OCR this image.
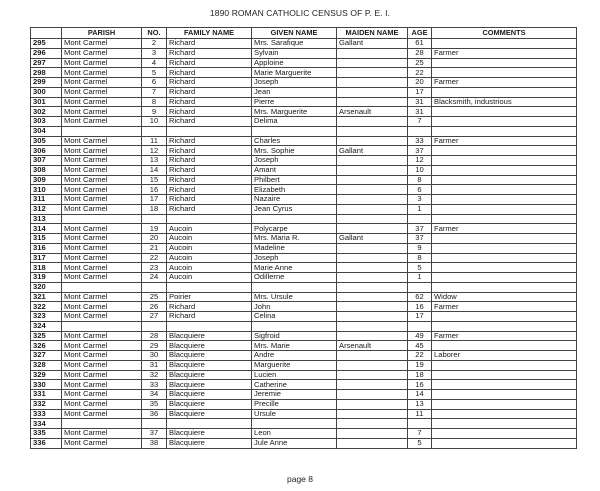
1890 ROMAN CATHOLIC CENSUS OF P. E. I.
	PARISH	NO.	FAMILY NAME	GIVEN NAME	MAIDEN NAME	AGE	COMMENTS
295	Mont Carmel	2	Richard	Mrs. Sarafique	Gallant	61	
296	Mont Carmel	3	Richard	Sylvain		28	Farmer
297	Mont Carmel	4	Richard	Apploine		25	
298	Mont Carmel	5	Richard	Marie Marguerite		22	
299	Mont Carmel	6	Richard	Joseph		20	Farmer
300	Mont Carmel	7	Richard	Jean		17	
301	Mont Carmel	8	Richard	Pierre		31	Blacksmith, industrious
302	Mont Carmel	9	Richard	Mrs. Marguerite	Arsenault	31	
303	Mont Carmel	10	Richard	Delima		7	
304							
305	Mont Carmel	11	Richard	Charles		33	Farmer
306	Mont Carmel	12	Richard	Mrs. Sophie	Gallant	37	
307	Mont Carmel	13	Richard	Joseph		12	
308	Mont Carmel	14	Richard	Amant		10	
309	Mont Carmel	15	Richard	Philbert		8	
310	Mont Carmel	16	Richard	Elizabeth		6	
311	Mont Carmel	17	Richard	Nazaire		3	
312	Mont Carmel	18	Richard	Jean Cyrus		1	
313							
314	Mont Carmel	19	Aucoin	Polycarpe		37	Farmer
315	Mont Carmel	20	Aucoin	Mrs. Maria R.	Gallant	37	
316	Mont Carmel	21	Aucoin	Madeline		9	
317	Mont Carmel	22	Aucoin	Joseph		8	
318	Mont Carmel	23	Aucoin	Marie Anne		5	
319	Mont Carmel	24	Aucoin	Odillerne		1	
320							
321	Mont Carmel	25	Poirier	Mrs. Ursule		62	Widow
322	Mont Carmel	26	Richard	John		16	Farmer
323	Mont Carmel	27	Richard	Celina		17	
324							
325	Mont Carmel	28	Blacquiere	Sigfroid		49	Farmer
326	Mont Carmel	29	Blacquiere	Mrs. Marie	Arsenault	45	
327	Mont Carmel	30	Blacquiere	Andre		22	Laborer
328	Mont Carmel	31	Blacquiere	Marguerite		19	
329	Mont Carmel	32	Blacquiere	Lucien		18	
330	Mont Carmel	33	Blacquiere	Catherine		16	
331	Mont Carmel	34	Blacquiere	Jeremie		14	
332	Mont Carmel	35	Blacquiere	Precille		13	
333	Mont Carmel	36	Blacquiere	Ursule		11	
334							
335	Mont Carmel	37	Blacquiere	Leon		7	
336	Mont Carmel	38	Blacquiere	Jule Anne		5	
page 8
